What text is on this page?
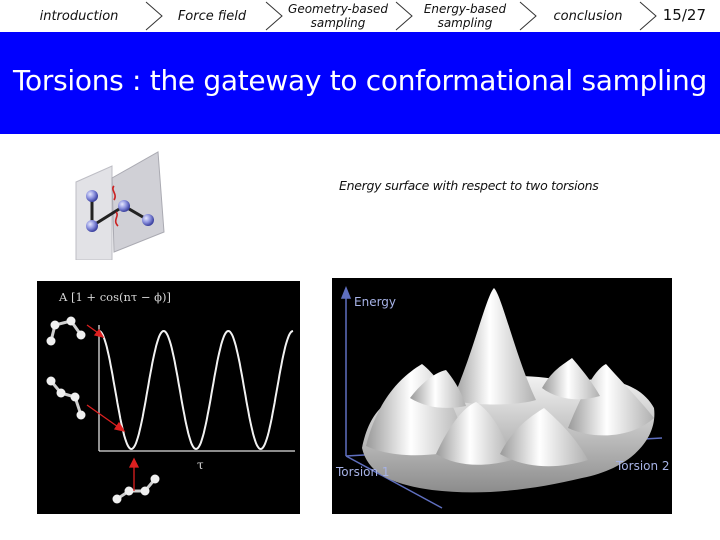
introduction	Force field	Geometry-based
sampling
Energy-based
sampling	conclusion	15/27
Torsions : the gateway to conformational sampling
Energy surface with respect to two torsions
A [1 + cos(nτ − ϕ)]
τ
Energy
Torsion 1	Torsion 2
